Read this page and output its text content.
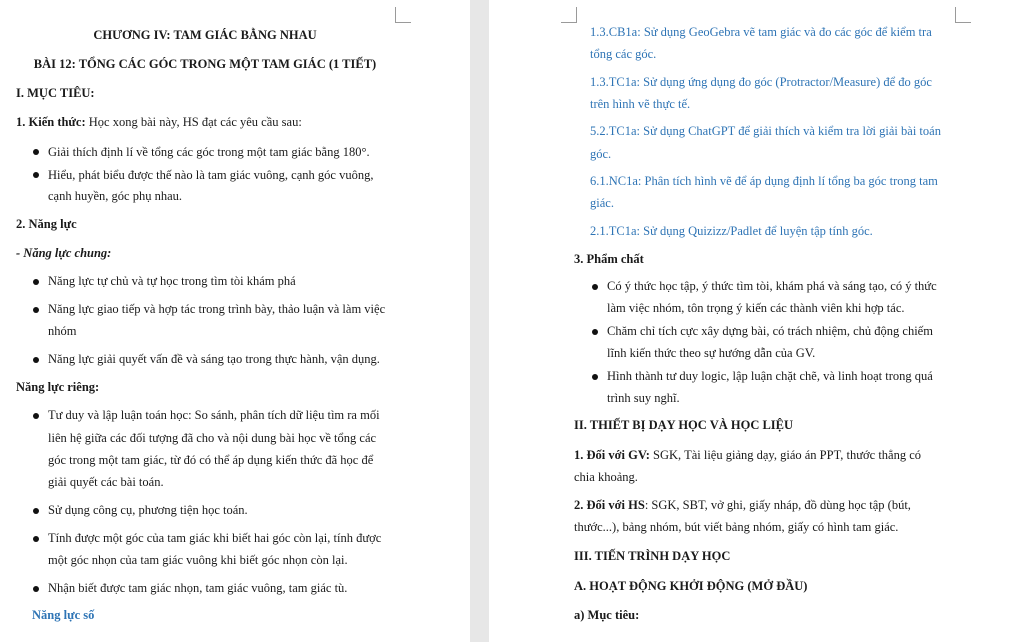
CHƯƠNG IV: TAM GIÁC BẰNG NHAU
BÀI 12: TỔNG CÁC GÓC TRONG MỘT TAM GIÁC (1 TIẾT)
I. MỤC TIÊU:
1. Kiến thức: Học xong bài này, HS đạt các yêu cầu sau:
Giải thích định lí về tổng các góc trong một tam giác bằng 180°.
Hiểu, phát biểu được thế nào là tam giác vuông, cạnh góc vuông,
cạnh huyền, góc phụ nhau.
2. Năng lực
- Năng lực chung:
Năng lực tự chủ và tự học trong tìm tòi khám phá
Năng lực giao tiếp và hợp tác trong trình bày, thảo luận và làm việc
nhóm
Năng lực giải quyết vấn đề và sáng tạo trong thực hành, vận dụng.
Năng lực riêng:
Tư duy và lập luận toán học: So sánh, phân tích dữ liệu tìm ra mối
liên hệ giữa các đối tượng đã cho và nội dung bài học về tổng các
góc trong một tam giác, từ đó có thể áp dụng kiến thức đã học để
giải quyết các bài toán.
Sử dụng công cụ, phương tiện học toán.
Tính được một góc của tam giác khi biết hai góc còn lại, tính được
một góc nhọn của tam giác vuông khi biết góc nhọn còn lại.
Nhận biết được tam giác nhọn, tam giác vuông, tam giác tù.
Năng lực số
1.3.CB1a: Sử dụng GeoGebra vẽ tam giác và đo các góc để kiểm tra
tổng các góc.
1.3.TC1a: Sử dụng ứng dụng đo góc (Protractor/Measure) để đo góc
trên hình vẽ thực tế.
5.2.TC1a: Sử dụng ChatGPT để giải thích và kiểm tra lời giải bài toán
góc.
6.1.NC1a: Phân tích hình vẽ để áp dụng định lí tổng ba góc trong tam
giác.
2.1.TC1a: Sử dụng Quizizz/Padlet để luyện tập tính góc.
3. Phẩm chất
Có ý thức học tập, ý thức tìm tòi, khám phá và sáng tạo, có ý thức
làm việc nhóm, tôn trọng ý kiến các thành viên khi hợp tác.
Chăm chỉ tích cực xây dựng bài, có trách nhiệm, chủ động chiếm
lĩnh kiến thức theo sự hướng dẫn của GV.
Hình thành tư duy logic, lập luận chặt chẽ, và linh hoạt trong quá
trình suy nghĩ.
II. THIẾT BỊ DẠY HỌC VÀ HỌC LIỆU
1. Đối với GV: SGK, Tài liệu giảng dạy, giáo án PPT, thước thẳng có
chia khoảng.
2. Đối với HS: SGK, SBT, vở ghi, giấy nháp, đồ dùng học tập (bút,
thước...), bảng nhóm, bút viết bảng nhóm, giấy có hình tam giác.
III. TIẾN TRÌNH DẠY HỌC
A. HOẠT ĐỘNG KHỞI ĐỘNG (MỞ ĐẦU)
a) Mục tiêu:
